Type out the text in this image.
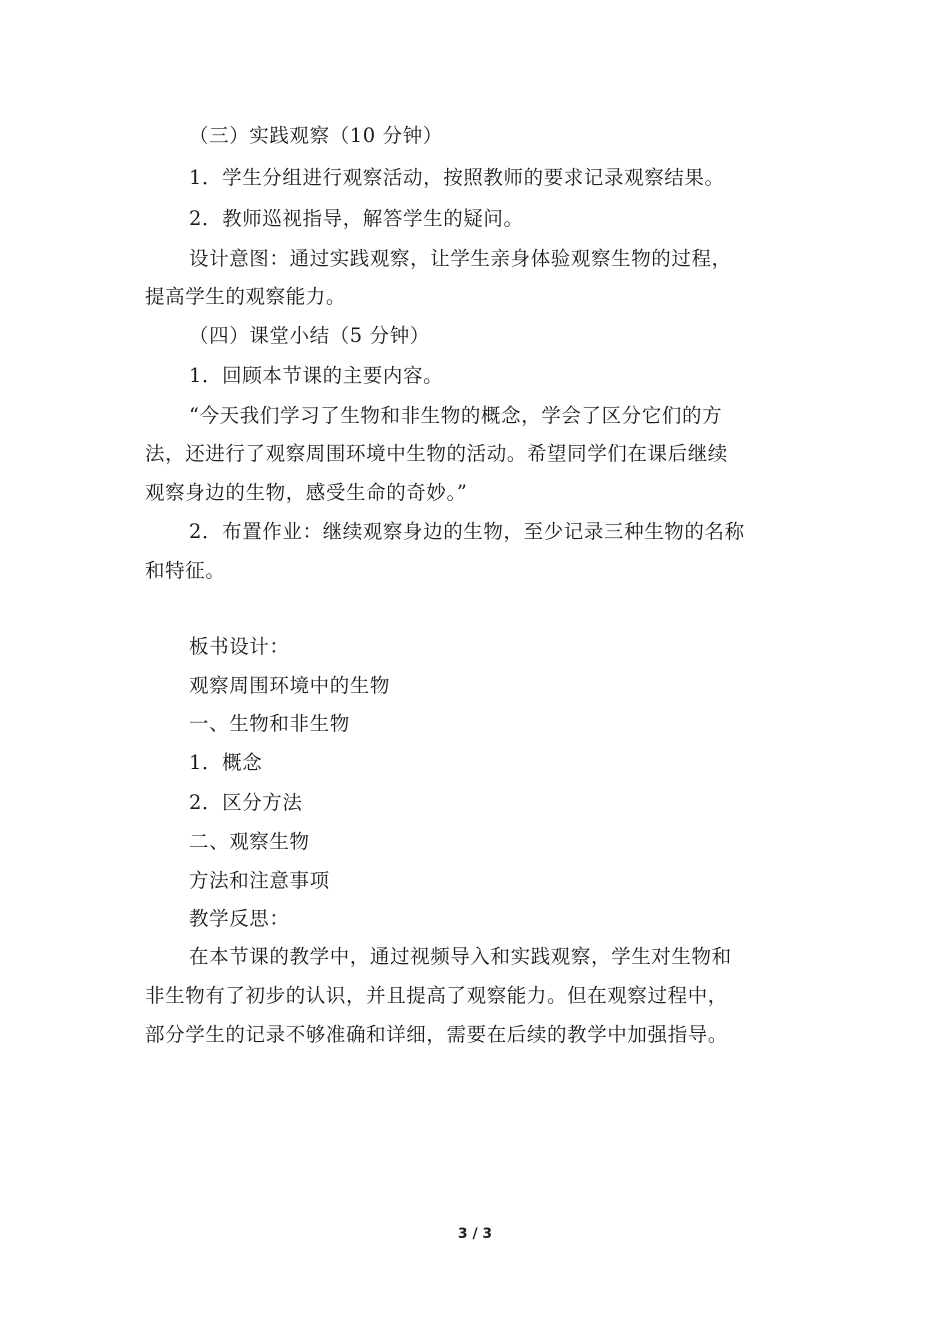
（三）实践观察（10 分钟）
1．学生分组进行观察活动，按照教师的要求记录观察结果。
2．教师巡视指导，解答学生的疑问。
设计意图：通过实践观察，让学生亲身体验观察生物的过程，
提高学生的观察能力。
（四）课堂小结（5 分钟）
1．回顾本节课的主要内容。
“今天我们学习了生物和非生物的概念，学会了区分它们的方
法，还进行了观察周围环境中生物的活动。希望同学们在课后继续
观察身边的生物，感受生命的奇妙。”
2．布置作业：继续观察身边的生物，至少记录三种生物的名称
和特征。
板书设计：
观察周围环境中的生物
一、生物和非生物
1．概念
2．区分方法
二、观察生物
方法和注意事项
教学反思：
在本节课的教学中，通过视频导入和实践观察，学生对生物和
非生物有了初步的认识，并且提高了观察能力。但在观察过程中，
部分学生的记录不够准确和详细，需要在后续的教学中加强指导。
3 / 3
